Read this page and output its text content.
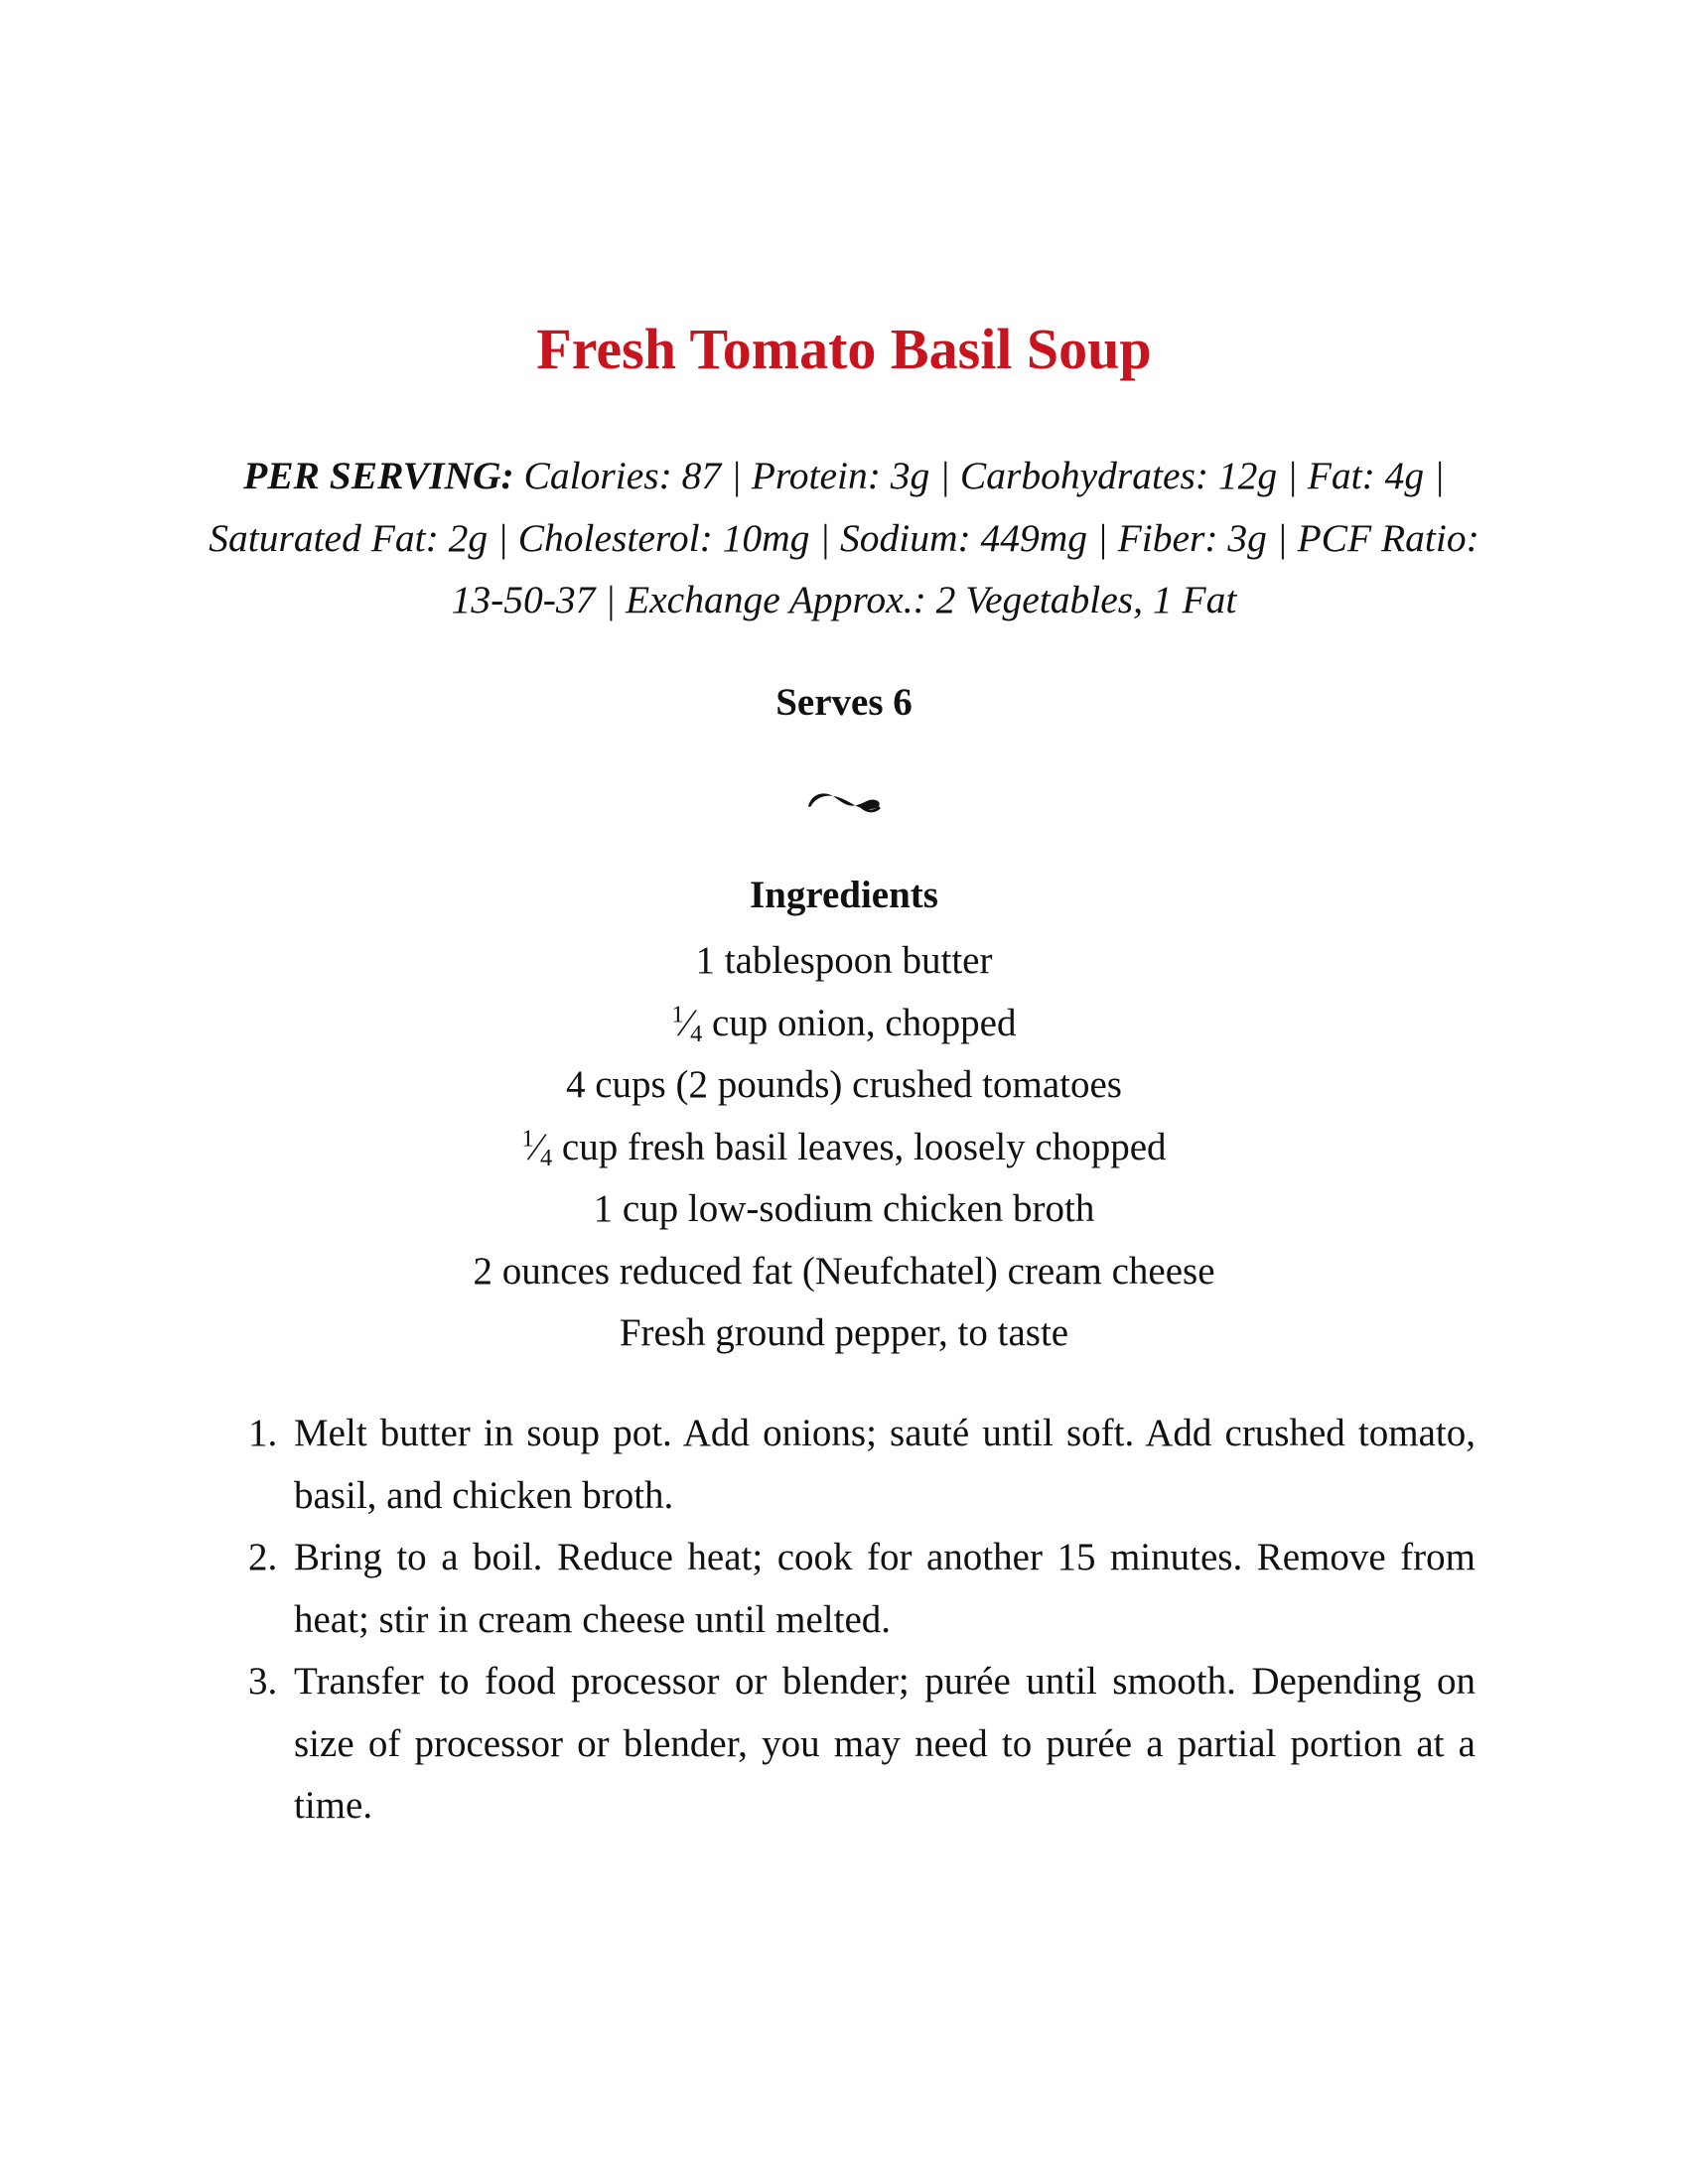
Fresh Tomato Basil Soup

PER SERVING: Calories: 87 | Protein: 3g | Carbohydrates: 12g | Fat: 4g | Saturated Fat: 2g | Cholesterol: 10mg | Sodium: 449mg | Fiber: 3g | PCF Ratio: 13-50-37 | Exchange Approx.: 2 Vegetables, 1 Fat

Serves 6

Ingredients
1 tablespoon butter
$^1⁄_4$ cup onion, chopped
4 cups (2 pounds) crushed tomatoes
$^1⁄_4$ cup fresh basil leaves, loosely chopped
1 cup low-sodium chicken broth
2 ounces reduced fat (Neufchatel) cream cheese
Fresh ground pepper, to taste
1. Melt butter in soup pot. Add onions; sauté until soft. Add crushed tomato, basil, and chicken broth.
2. Bring to a boil. Reduce heat; cook for another 15 minutes. Remove from heat; stir in cream cheese until melted.
3. Transfer to food processor or blender; purée until smooth. Depending on size of processor or blender, you may need to purée a partial portion at a time.
